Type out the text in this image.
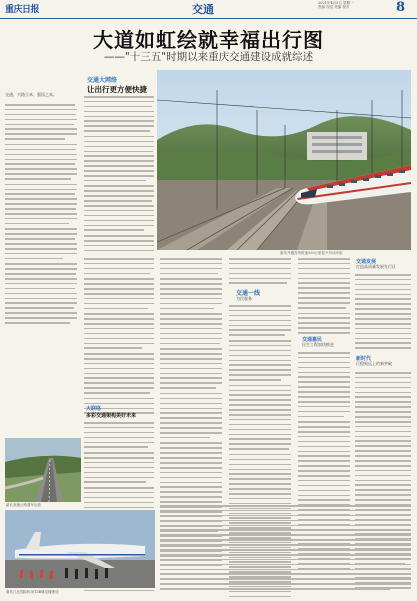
重庆日报	交通	2021年4月5日 星期一
责编 视觉 美编 校对	8
大道如虹绘就幸福出行图
——"十三五"时期以来重庆交通建设成就综述
交通、兴路立本、强国之本。
交通大网络
让出行更方便快捷
重庆开通首列时速350公里复兴号动车组
大联络
多彩交通架构美好未来
交通一线
为民服务
交通惠民
民生工程加快推进
交通发展
打造高质量发展先行区
新时代
行稳致远上的新突破
渝长高速公路通车运营
重庆江北国际机场T3B航站楼建设
